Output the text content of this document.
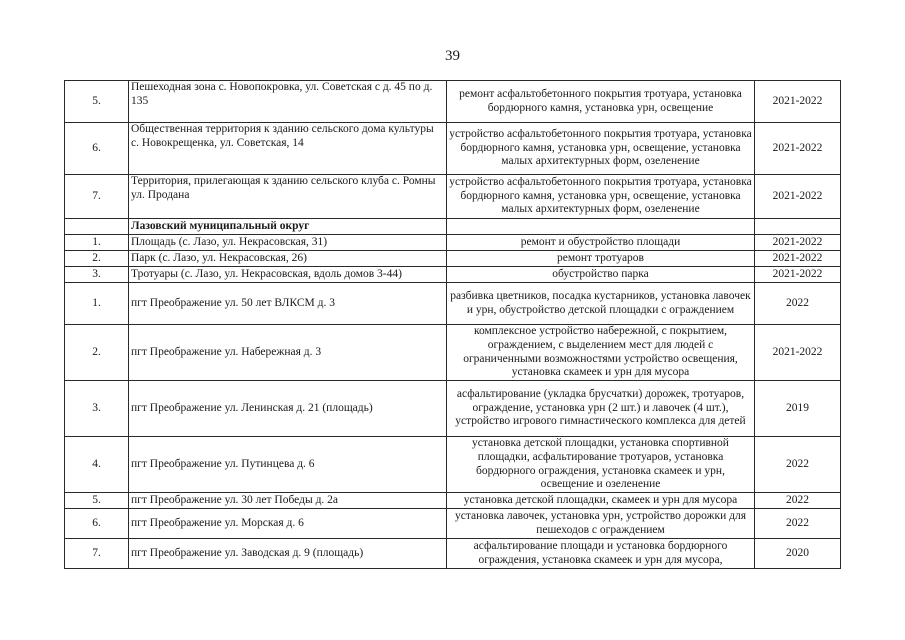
39
5.	Пешеходная зона с. Новопокровка, ул. Советская с д. 45 по д. 135	ремонт асфальтобетонного покрытия тротуара, установка бордюрного камня, установка урн, освещение	2021-2022
6.	Общественная территория к зданию сельского дома культуры с. Новокрещенка, ул. Советская, 14	устройство асфальтобетонного покрытия тротуара, установка бордюрного камня, установка урн, освещение, установка малых архитектурных форм, озеленение	2021-2022
7.	Территория, прилегающая к зданию сельского клуба с. Ромны ул. Продана	устройство асфальтобетонного покрытия тротуара, установка бордюрного камня, установка урн, освещение, установка малых архитектурных форм, озеленение	2021-2022
	Лазовский муниципальный округ		
1.	Площадь (с. Лазо, ул. Некрасовская, 31)	ремонт и обустройство площади	2021-2022
2.	Парк (с. Лазо, ул. Некрасовская, 26)	ремонт тротуаров	2021-2022
3.	Тротуары (с. Лазо, ул. Некрасовская, вдоль домов 3-44)	обустройство парка	2021-2022
1.	пгт Преображение ул. 50 лет ВЛКСМ д. 3	разбивка цветников, посадка кустарников, установка лавочек и урн, обустройство детской площадки с ограждением	2022
2.	пгт Преображение ул. Набережная д. 3	комплексное устройство набережной, с покрытием, ограждением, с выделением мест для людей с ограниченными возможностями устройство освещения, установка скамеек и урн для мусора	2021-2022
3.	пгт Преображение ул. Ленинская д. 21 (площадь)	асфальтирование (укладка брусчатки) дорожек, тротуаров, ограждение, установка урн (2 шт.) и лавочек (4 шт.), устройство игрового гимнастического комплекса для детей	2019
4.	пгт Преображение ул. Путинцева д. 6	установка детской площадки, установка спортивной площадки, асфальтирование тротуаров, установка бордюрного ограждения, установка скамеек и урн, освещение и озеленение	2022
5.	пгт Преображение ул. 30 лет Победы д. 2а	установка детской площадки, скамеек и урн для мусора	2022
6.	пгт Преображение ул. Морская д. 6	установка лавочек, установка урн, устройство дорожки для пешеходов с ограждением	2022
7.	пгт Преображение ул. Заводская д. 9 (площадь)	асфальтирование площади и установка бордюрного ограждения, установка скамеек и урн для мусора,	2020
